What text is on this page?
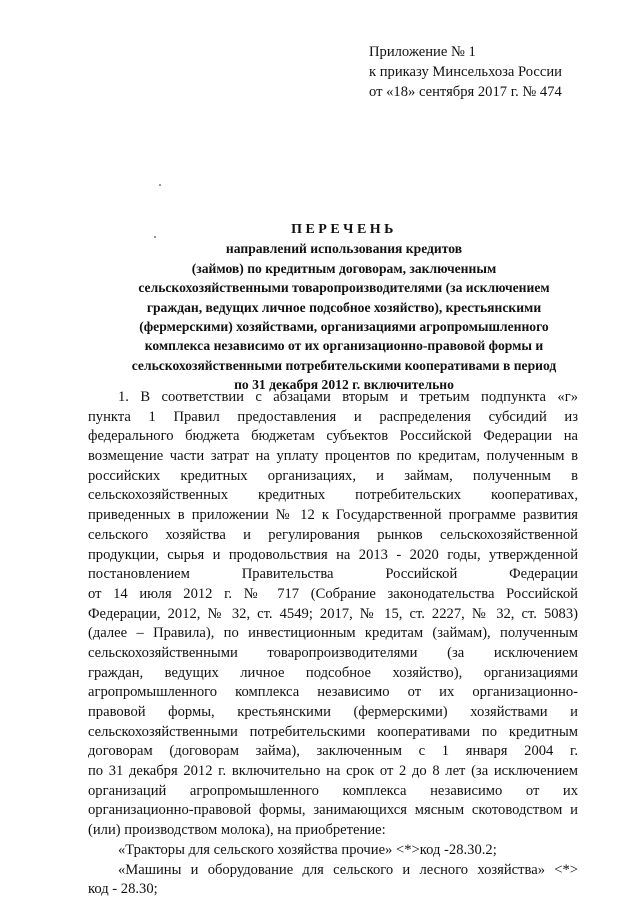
Приложение № 1
к приказу Минсельхоза России
от «18» сентября 2017 г. № 474
ПЕРЕЧЕНЬ
направлений использования кредитов
(займов) по кредитным договорам, заключенным
сельскохозяйственными товаропроизводителями (за исключением
граждан, ведущих личное подсобное хозяйство), крестьянскими
(фермерскими) хозяйствами, организациями агропромышленного
комплекса независимо от их организационно-правовой формы и
сельскохозяйственными потребительскими кооперативами в период
по 31 декабря 2012 г. включительно
1. В соответствии с абзацами вторым и третьим подпункта «г»
пункта 1 Правил предоставления и распределения субсидий из
федерального бюджета бюджетам субъектов Российской Федерации на
возмещение части затрат на уплату процентов по кредитам, полученным в
российских кредитных организациях, и займам, полученным в
сельскохозяйственных кредитных потребительских кооперативах,
приведенных в приложении № 12 к Государственной программе развития
сельского хозяйства и регулирования рынков сельскохозяйственной
продукции, сырья и продовольствия на 2013 - 2020 годы, утвержденной
постановлением Правительства Российской Федерации
от 14 июля 2012 г. № 717 (Собрание законодательства Российской
Федерации, 2012, № 32, ст. 4549; 2017, № 15, ст. 2227, № 32, ст. 5083)
(далее – Правила), по инвестиционным кредитам (займам), полученным
сельскохозяйственными товаропроизводителями (за исключением
граждан, ведущих личное подсобное хозяйство), организациями
агропромышленного комплекса независимо от их организационно-
правовой формы, крестьянскими (фермерскими) хозяйствами и
сельскохозяйственными потребительскими кооперативами по кредитным
договорам (договорам займа), заключенным с 1 января 2004 г.
по 31 декабря 2012 г. включительно на срок от 2 до 8 лет (за исключением
организаций агропромышленного комплекса независимо от их
организационно-правовой формы, занимающихся мясным скотоводством и
(или) производством молока), на приобретение:
«Тракторы для сельского хозяйства прочие» <*>код -28.30.2;
«Машины и оборудование для сельского и лесного хозяйства» <*>
код - 28.30;
